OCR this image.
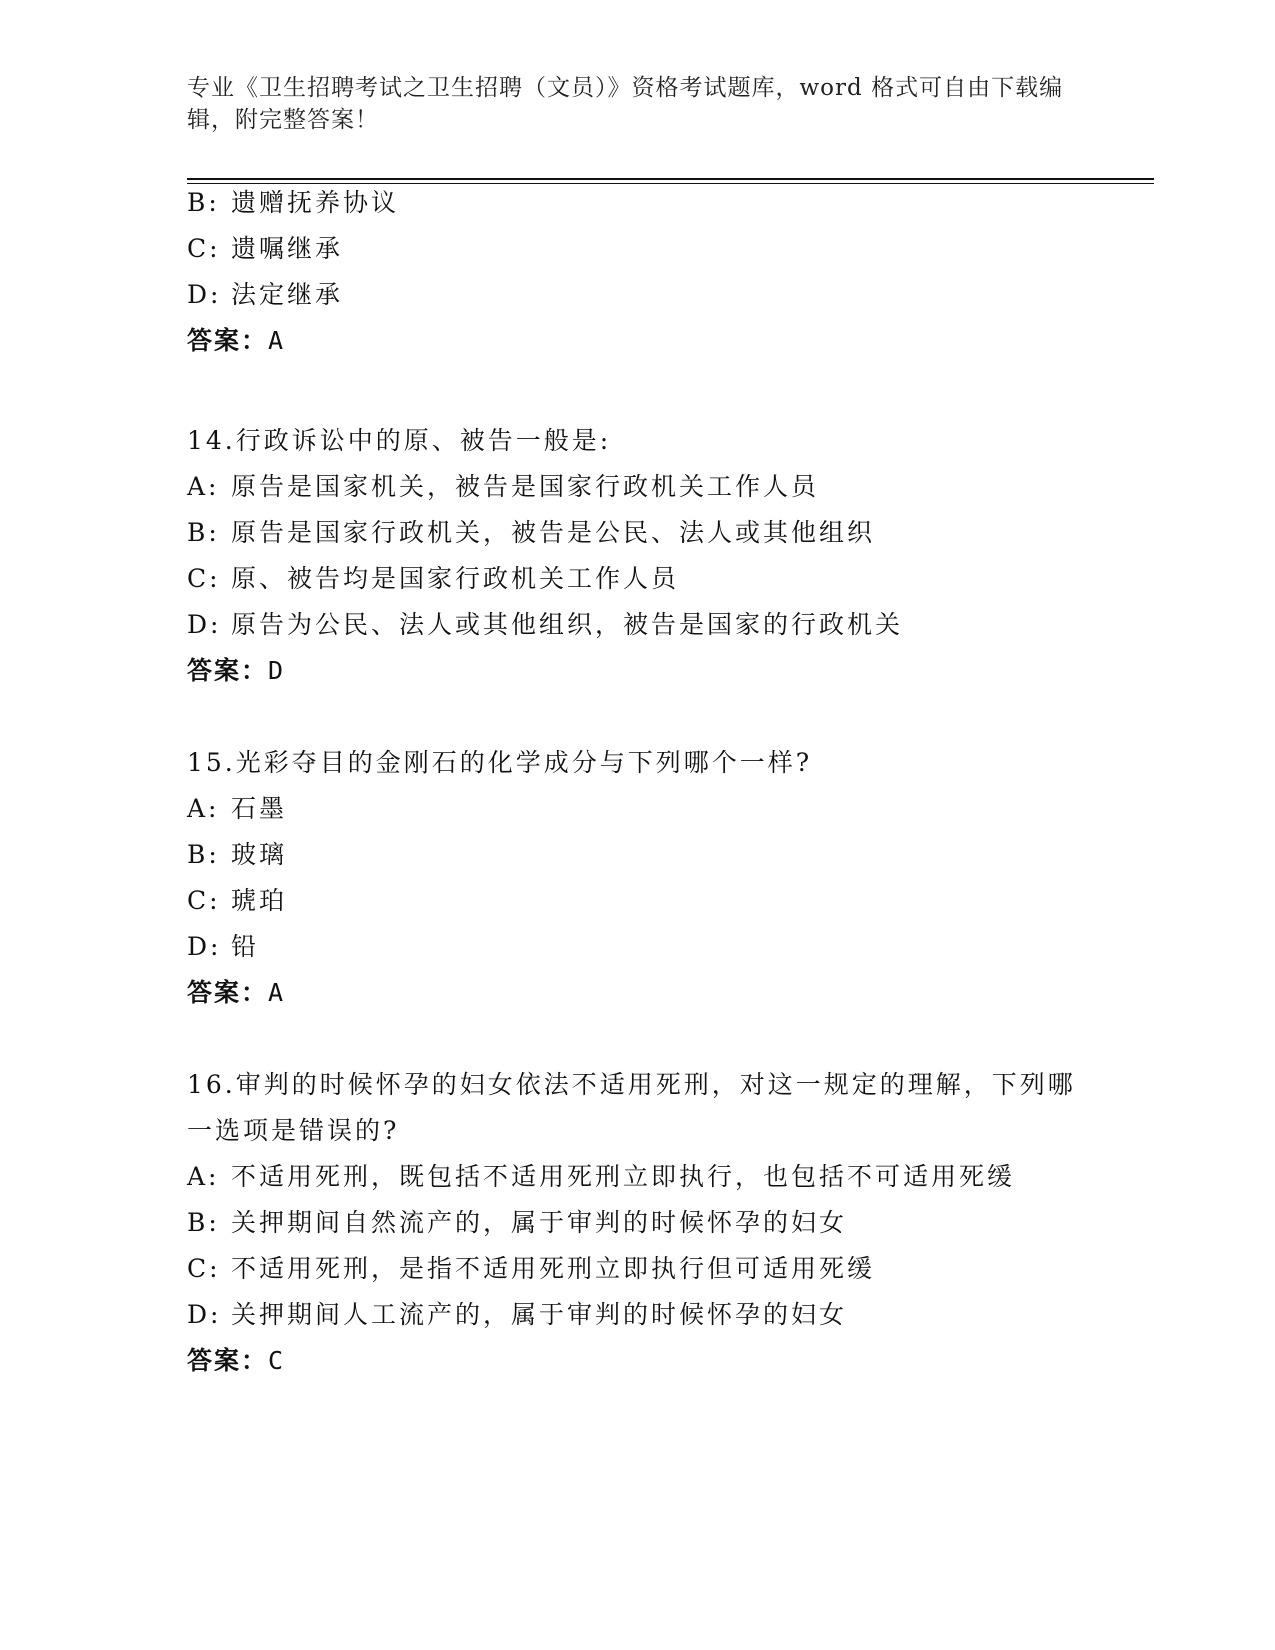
专业《卫生招聘考试之卫生招聘（文员）》资格考试题库，word 格式可自由下载编辑，附完整答案！
B: 遗赠抚养协议
C: 遗嘱继承
D: 法定继承
答案：A
14.行政诉讼中的原、被告一般是:
A: 原告是国家机关，被告是国家行政机关工作人员
B: 原告是国家行政机关，被告是公民、法人或其他组织
C: 原、被告均是国家行政机关工作人员
D: 原告为公民、法人或其他组织，被告是国家的行政机关
答案：D
15.光彩夺目的金刚石的化学成分与下列哪个一样?
A: 石墨
B: 玻璃
C: 琥珀
D: 铅
答案：A
16.审判的时候怀孕的妇女依法不适用死刑，对这一规定的理解，下列哪一选项是错误的?
A: 不适用死刑，既包括不适用死刑立即执行，也包括不可适用死缓
B: 关押期间自然流产的，属于审判的时候怀孕的妇女
C: 不适用死刑，是指不适用死刑立即执行但可适用死缓
D: 关押期间人工流产的，属于审判的时候怀孕的妇女
答案：C
